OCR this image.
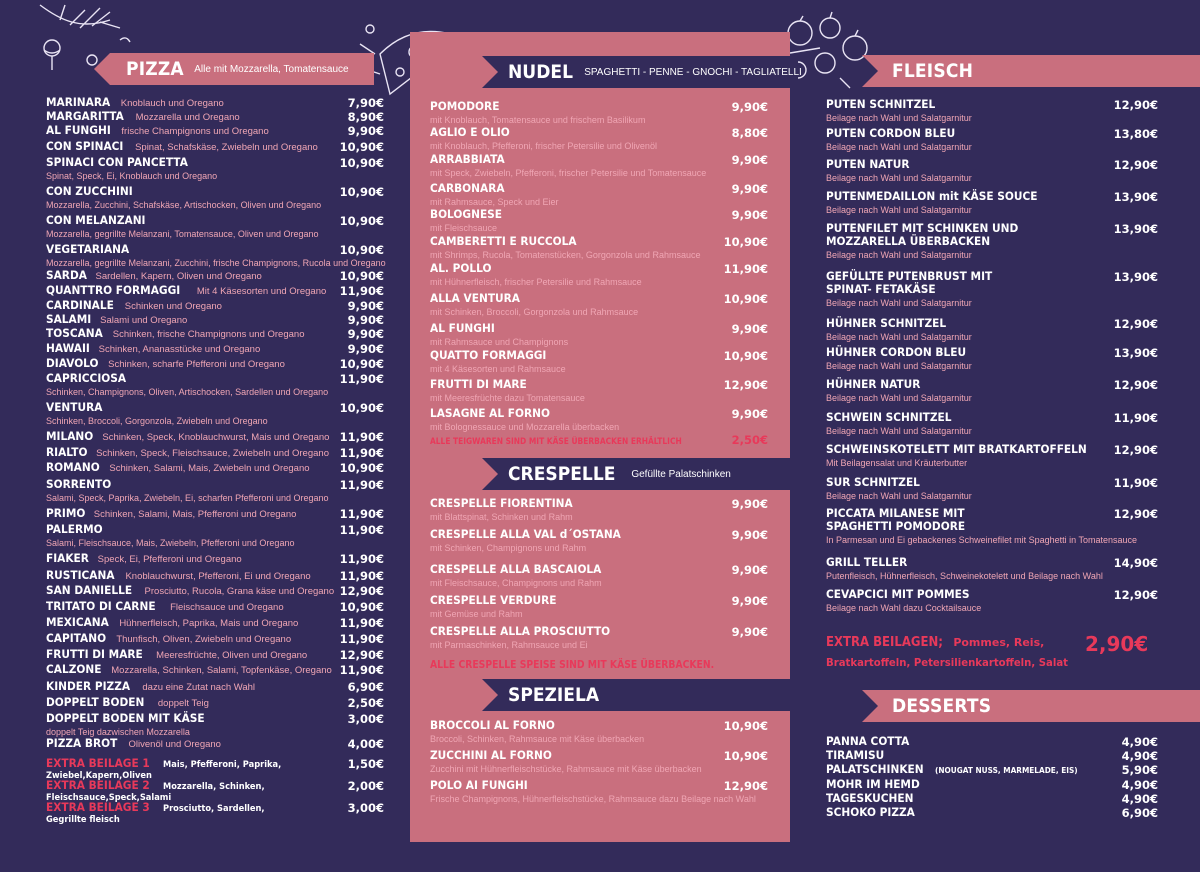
PIZZA Alle mit Mozzarella, Tomatensauce
MARINARA Knoblauch und Oregano	7,90€
MARGARITTA Mozzarella und Oregano	8,90€
AL FUNGHI frische Champignons und Oregano	9,90€
CON SPINACI Spinat, Schafskäse, Zwiebeln und Oregano	10,90€
SPINACI CON PANCETTA
Spinat, Speck, Ei, Knoblauch und Oregano
10,90€
CON ZUCCHINI
Mozzarella, Zucchini, Schafskäse, Artischocken, Oliven und Oregano
10,90€
CON MELANZANI
Mozzarella, gegrillte Melanzani, Tomatensauce, Oliven und Oregano
10,90€
VEGETARIANA
Mozzarella, gegrillte Melanzani, Zucchini, frische Champignons, Rucola und Oregano
10,90€
SARDA Sardellen, Kapern, Oliven und Oregano	10,90€
QUANTTRO FORMAGGI Mit 4 Käsesorten und Oregano	11,90€
CARDINALE Schinken und Oregano	9,90€
SALAMI Salami und Oregano	9,90€
TOSCANA Schinken, frische Champignons und Oregano	9,90€
HAWAII Schinken, Ananasstücke und Oregano	9,90€
DIAVOLO Schinken, scharfe Pfefferoni und Oregano	10,90€
CAPRICCIOSA
Schinken, Champignons, Oliven, Artischocken, Sardellen und Oregano
11,90€
VENTURA
Schinken, Broccoli, Gorgonzola, Zwiebeln und Oregano
10,90€
MILANO Schinken, Speck, Knoblauchwurst, Mais und Oregano 11,90€
RIALTO Schinken, Speck, Fleischsauce, Zwiebeln und Oregano 11,90€
ROMANO Schinken, Salami, Mais, Zwiebeln und Oregano	10,90€
SORRENTO
Salami, Speck, Paprika, Zwiebeln, Ei, scharfen Pfefferoni und Oregano
11,90€
PRIMO Schinken, Salami, Mais, Pfefferoni und Oregano	11,90€
PALERMO
Salami, Fleischsauce, Mais, Zwiebeln, Pfefferoni und Oregano
11,90€
FIAKER Speck, Ei, Pfefferoni und Oregano	11,90€
RUSTICANA Knoblauchwurst, Pfefferoni, Ei und Oregano	11,90€
SAN DANIELLE Prosciutto, Rucola, Grana käse und Oregano 12,90€
TRITATO DI CARNE Fleischsauce und Oregano	10,90€
MEXICANA Hühnerfleisch, Paprika, Mais und Oregano	11,90€
CAPITANO Thunfisch, Oliven, Zwiebeln und Oregano	11,90€
FRUTTI DI MARE Meeresfrüchte, Oliven und Oregano	12,90€
CALZONE Mozzarella, Schinken, Salami, Topfenkäse, Oregano 11,90€
KINDER PIZZA dazu eine Zutat nach Wahl	6,90€
DOPPELT BODEN doppelt Teig	2,50€
DOPPELT BODEN MIT KÄSE
doppelt Teig dazwischen Mozzarella
3,00€
PIZZA BROT Olivenöl und Oregano	4,00€
EXTRA BEILAGE 1Mais, Pfefferoni, Paprika,
Zwiebel,Kapern,Oliven
1,50€
EXTRA BEILAGE 2Mozzarella, Schinken,
Fleischsauce,Speck,Salami
2,00€
EXTRA BEILAGE 3Prosciutto, Sardellen,
Gegrillte fleisch
3,00€
NUDEL SPAGHETTI - PENNE - GNOCHI - TAGLIATELLI
POMODORE
mit Knoblauch, Tomatensauce und frischem Basilikum
9,90€
AGLIO E OLIO
mit Knoblauch, Pfefferoni, frischer Petersilie und Olivenöl
8,80€
ARRABBIATA
mit Speck, Zwiebeln, Pfefferoni, frischer Petersilie und Tomatensauce
9,90€
CARBONARA
mit Rahmsauce, Speck und Eier
9,90€
BOLOGNESE
mit Fleischsauce
9,90€
CAMBERETTI E RUCCOLA
mit Shrimps, Rucola, Tomatenstücken, Gorgonzola und Rahmsauce
10,90€
AL. POLLO
mit Hühnerfleisch, frischer Petersilie und Rahmsauce
11,90€
ALLA VENTURA
mit Schinken, Broccoli, Gorgonzola und Rahmsauce
10,90€
AL FUNGHI
mit Rahmsauce und Champignons
9,90€
QUATTO FORMAGGI
mit 4 Käsesorten und Rahmsauce
10,90€
FRUTTI DI MARE
mit Meeresfrüchte dazu Tomatensauce
12,90€
LASAGNE AL FORNO
mit Bolognessauce und Mozzarella überbacken
9,90€
ALLE TEIGWAREN SIND MIT KÄSE ÜBERBACKEN ERHÄLTLICH	2,50€
CRESPELLE Gefüllte Palatschinken
CRESPELLE FIORENTINA
mit Blattspinat, Schinken und Rahm
9,90€
CRESPELLE ALLA VAL d´OSTANA
mit Schinken, Champignons und Rahm
9,90€
CRESPELLE ALLA BASCAIOLA
mit Fleischsauce, Champignons und Rahm
9,90€
CRESPELLE VERDURE
mit Gemüse und Rahm
9,90€
CRESPELLE ALLA PROSCIUTTO
mit Parmaschinken, Rahmsauce und Ei
9,90€
ALLE CRESPELLE SPEISE SIND MIT KÄSE ÜBERBACKEN.
SPEZIELA
BROCCOLI AL FORNO
Broccoli, Schinken, Rahmsauce mit Käse überbacken
10,90€
ZUCCHINI AL FORNO
Zucchini mit Hühnerfleischstücke, Rahmsauce mit Käse überbacken
10,90€
POLO AI FUNGHI
Frische Champignons, Hühnerfleischstücke, Rahmsauce dazu Beilage nach Wahl
12,90€
FLEISCH
PUTEN SCHNITZEL
Beilage nach Wahl und Salatgarnitur
12,90€
PUTEN CORDON BLEU
Beilage nach Wahl und Salatgarnitur
13,80€
PUTEN NATUR
Beilage nach Wahl und Salatgarnitur
12,90€
PUTENMEDAILLON mit KÄSE SOUCE
Beilage nach Wahl und Salatgarnitur
13,90€
PUTENFILET MIT SCHINKEN UND
MOZZARELLA ÜBERBACKEN
Beilage nach Wahl und Salatgarnitur
13,90€
GEFÜLLTE PUTENBRUST MIT
SPINAT- FETAKÄSE
Beilage nach Wahl und Salatgarnitur
13,90€
HÜHNER SCHNITZEL
Beilage nach Wahl und Salatgarnitur
12,90€
HÜHNER CORDON BLEU
Beilage nach Wahl und Salatgarnitur
13,90€
HÜHNER NATUR
Beilage nach Wahl und Salatgarnitur
12,90€
SCHWEIN SCHNITZEL
Beilage nach Wahl und Salatgarnitur
11,90€
SCHWEINSKOTELETT MIT BRATKARTOFFELN
Mit Beilagensalat und Kräuterbutter
12,90€
SUR SCHNITZEL
Beilage nach Wahl und Salatgarnitur
11,90€
PICCATA MILANESE MIT
SPAGHETTI POMODORE
In Parmesan und Ei gebackenes Schweinefilet mit Spaghetti in Tomatensauce
12,90€
GRILL TELLER
Putenfleisch, Hühnerfleisch, Schweinekotelett und Beilage nach Wahl
14,90€
CEVAPCICI MIT POMMES
Beilage nach Wahl dazu Cocktailsauce
12,90€
EXTRA BEILAGEN; Pommes, Reis,
Bratkartoffeln, Petersilienkartoffeln, Salat
2,90€
DESSERTS
PANNA COTTA	4,90€
TIRAMISU	4,90€
PALATSCHINKEN(NOUGAT NUSS, MARMELADE, EIS)	5,90€
MOHR IM HEMD	4,90€
TAGESKUCHEN	4,90€
SCHOKO PIZZA	6,90€
